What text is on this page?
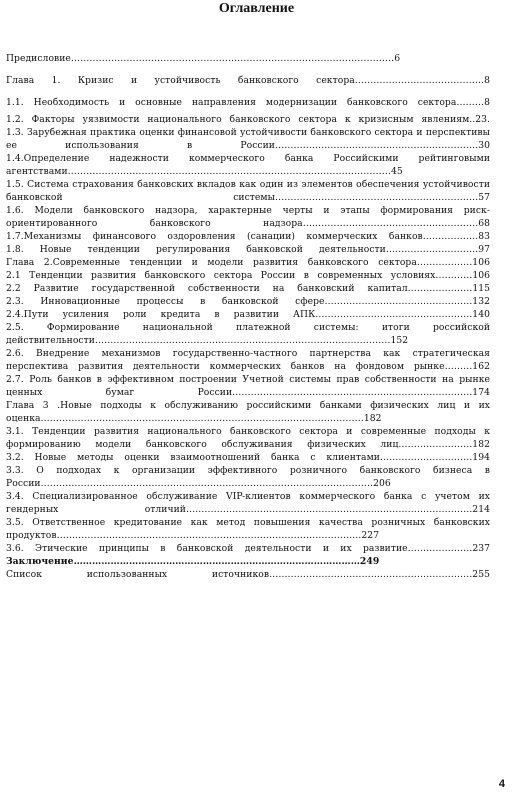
Оглавление
Предисловие……………………………………………………………………………………………6
Глава 1. Кризис и устойчивость банковского сектора……………………………………8
1.1. Необходимость и основные направления модернизации банковского сектора………8
1.2. Факторы уязвимости национального банковского сектора к кризисным явлениям..23.
1.3. Зарубежная практика оценки финансовой устойчивости банковского сектора и перспективы ее использования в России…………………………………………………………30
1.4.Определение надежности коммерческого банка Российскими рейтинговыми агентствами……………………………………………………………………………………………45
1.5. Система страхования банковских вкладов как один из элементов обеспечения устойчивости банковской системы…………………………………………………………57
1.6. Модели банковского надзора, характерные черты и этапы формирования риск-ориентированного банковского надзора…………………………………………………68
1.7.Механизмы финансового оздоровления (санации) коммерческих банков………………83
1.8. Новые тенденции регулирования банковской деятельности…………………………97
Глава 2.Современные тенденции и модели развития банковского сектора………………106
2.1 Тенденции развития банковского сектора России в современных условиях…………106
2.2 Развитие государственной собственности на банковский капитал…………………115
2.3. Инновационные процессы в банковской сфере…………………………………………132
2.4.Пути усиления роли кредита в развитии АПК……………………………………………140
2.5. Формирование национальной платежной системы: итоги российской действительности……………………………………………………………………………………152
2.6. Внедрение механизмов государственно-частного партнерства как стратегическая перспектива развития деятельности коммерческих банков на фондовом рынке………162
2.7. Роль банков в эффективном построении Учетной системы прав собственности на рынке ценных бумаг России……………………………………………………………………174
Глава 3 .Новые подходы к обслуживанию российскими банками физических лиц и их оценка……………………………………………………………………………………………182
3.1. Тенденции развития национального банковского сектора и современные подходы к формированию модели банковского обслуживания физических лиц……………………182
3.2. Новые методы оценки взаимоотношений банка с клиентами…………………………194
3.3. О подходах к организации эффективного розничного банковского бизнеса в России………………………………………………………………………………………………206
3.4. Специализированное обслуживание VIP-клиентов коммерческого банка с учетом их гендерных отличий…………………………………………………………………………………214
3.5. Ответственное кредитование как метод повышения качества розничных банковских продуктов………………………………………………………………………………………227
3.6. Этические принципы в банковской деятельности и их развитие…………………237
Заключение…………………………………………………………………………………249
Список использованных источников…………………………………………………………255
4
